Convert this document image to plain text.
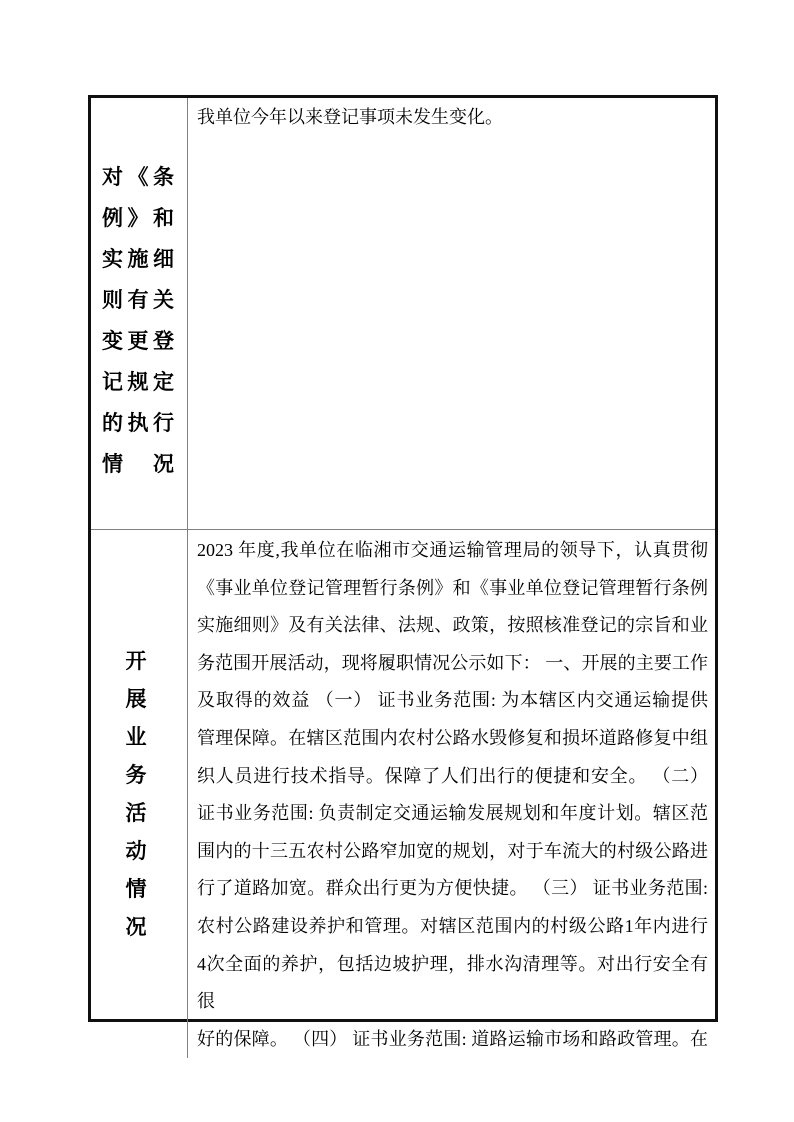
对《条
例》和
实施细
则有关
变更登
记规定
的执行
情况
我单位今年以来登记事项未发生变化。
开
展
业
务
活
动
情
况
2023 年度,我单位在临湘市交通运输管理局的领导下，认真贯彻
《事业单位登记管理暂行条例》和《事业单位登记管理暂行条例
实施细则》及有关法律、法规、政策，按照核准登记的宗旨和业
务范围开展活动，现将履职情况公示如下： 一、开展的主要工作
及取得的效益 （一） 证书业务范围: 为本辖区内交通运输提供
管理保障。在辖区范围内农村公路水毁修复和损坏道路修复中组
织人员进行技术指导。保障了人们出行的便捷和安全。 （二）
证书业务范围: 负责制定交通运输发展规划和年度计划。辖区范
围内的十三五农村公路窄加宽的规划，对于车流大的村级公路进
行了道路加宽。群众出行更为方便快捷。 （三） 证书业务范围:
农村公路建设养护和管理。对辖区范围内的村级公路1年内进行
4次全面的养护，包括边坡护理，排水沟清理等。对出行安全有很
好的保障。 （四） 证书业务范围: 道路运输市场和路政管理。在
